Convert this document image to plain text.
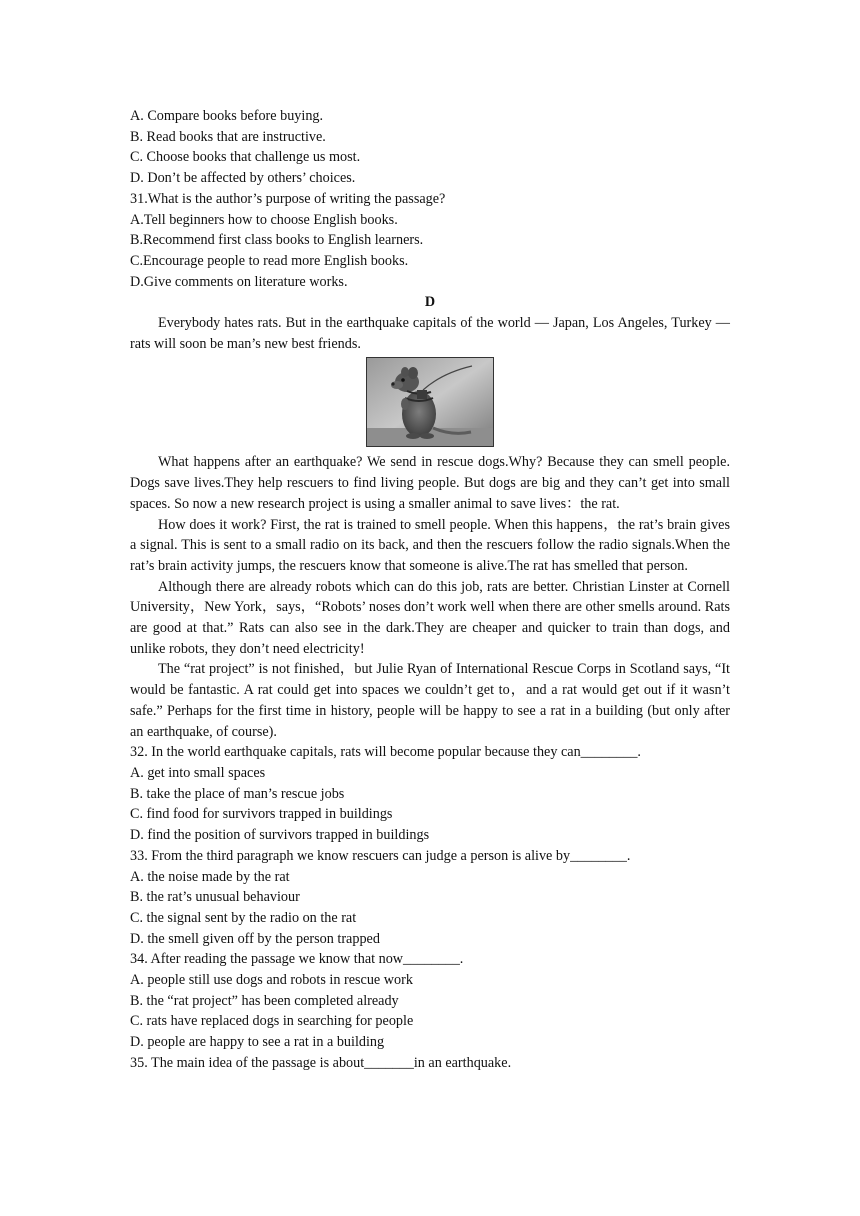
A. Compare books before buying.

B. Read books that are instructive.

C. Choose books that challenge us most.

D. Don’t be affected by others’ choices.

31.What is the author’s purpose of writing the passage?

A.Tell beginners how to choose English books.

B.Recommend first class books to English learners.

C.Encourage people to read more English books.

D.Give comments on literature works.

D

Everybody hates rats. But in the earthquake capitals of the world — Japan, Los Angeles, Turkey — rats will soon be man’s new best friends.

What happens after an earthquake? We send in rescue dogs.Why? Because they can smell people. Dogs save lives.They help rescuers to find living people. But dogs are big and they can’t get into small spaces. So now a new research project is using a smaller animal to save lives：the rat.

How does it work? First, the rat is trained to smell people. When this happens，the rat’s brain gives a signal. This is sent to a small radio on its back, and then the rescuers follow the radio signals.When the rat’s brain activity jumps, the rescuers know that someone is alive.The rat has smelled that person.

Although there are already robots which can do this job, rats are better. Christian Linster at Cornell University，New York，says，“Robots’ noses don’t work well when there are other smells around. Rats are good at that.” Rats can also see in the dark.They are cheaper and quicker to train than dogs, and unlike robots, they don’t need electricity!

The “rat project” is not finished，but Julie Ryan of International Rescue Corps in Scotland says, “It would be fantastic. A rat could get into spaces we couldn’t get to，and a rat would get out if it wasn’t safe.” Perhaps for the first time in history, people will be happy to see a rat in a building (but only after an earthquake, of course).

32. In the world earthquake capitals, rats will become popular because they can________.

A. get into small spaces

B. take the place of man’s rescue jobs

C. find food for survivors trapped in buildings

D. find the position of survivors trapped in buildings

33. From the third paragraph we know rescuers can judge a person is alive by________.

A. the noise made by the rat

B. the rat’s unusual behaviour

C. the signal sent by the radio on the rat

D. the smell given off by the person trapped

34. After reading the passage we know that now________.

A. people still use dogs and robots in rescue work

B. the “rat project” has been completed already

C. rats have replaced dogs in searching for people

D. people are happy to see a rat in a building

35. The main idea of the passage is about_______in an earthquake.
